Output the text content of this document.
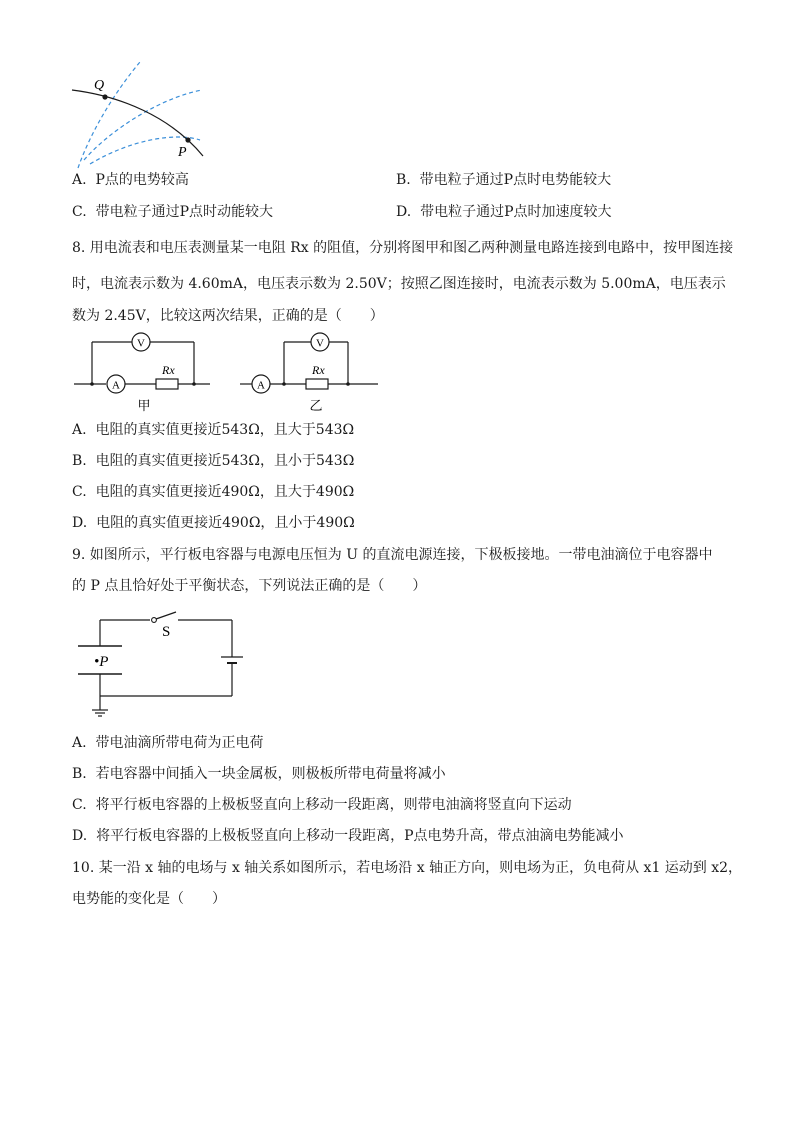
Q
P
A. P点的电势较高	B. 带电粒子通过P点时电势能较大
C. 带电粒子通过P点时动能较大	D. 带电粒子通过P点时加速度较大
8. 用电流表和电压表测量某一电阻 Rx 的阻值，分别将图甲和图乙两种测量电路连接到电路中，按甲图连接
时，电流表示数为 4.60mA，电压表示数为 2.50V；按照乙图连接时，电流表示数为 5.00mA，电压表示
数为 2.45V，比较这两次结果，正确的是（　　）
A
Rx
V
甲
A
Rx
V
乙
A. 电阻的真实值更接近543Ω，且大于543Ω
B. 电阻的真实值更接近543Ω，且小于543Ω
C. 电阻的真实值更接近490Ω，且大于490Ω
D. 电阻的真实值更接近490Ω，且小于490Ω
9. 如图所示，平行板电容器与电源电压恒为 U 的直流电源连接，下极板接地。一带电油滴位于电容器中
的 P 点且恰好处于平衡状态，下列说法正确的是（　　）
S
•P
A. 带电油滴所带电荷为正电荷
B. 若电容器中间插入一块金属板，则极板所带电荷量将减小
C. 将平行板电容器的上极板竖直向上移动一段距离，则带电油滴将竖直向下运动
D. 将平行板电容器的上极板竖直向上移动一段距离，P点电势升高，带点油滴电势能减小
10. 某一沿 x 轴的电场与 x 轴关系如图所示，若电场沿 x 轴正方向，则电场为正，负电荷从 x1 运动到 x2，
电势能的变化是（　　）
